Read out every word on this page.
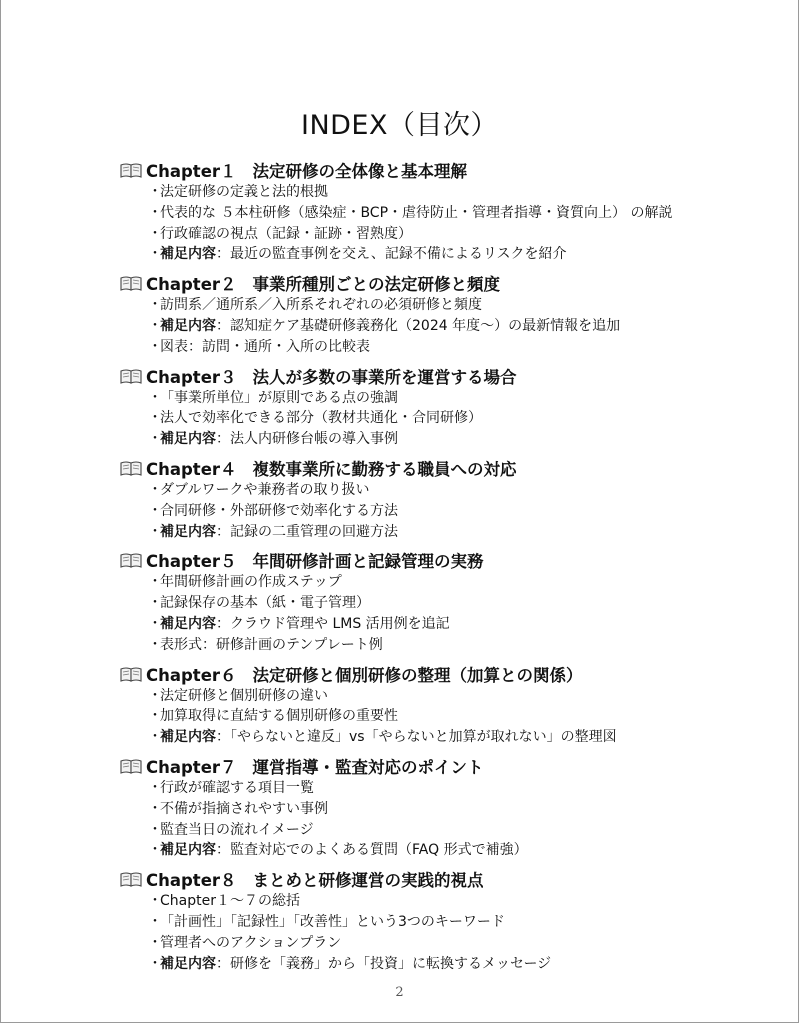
INDEX（目次）
Chapter１ 法定研修の全体像と基本理解
・法定研修の定義と法的根拠
・代表的な ５本柱研修（感染症・BCP・虐待防止・管理者指導・資質向上） の解説
・行政確認の視点（記録・証跡・習熟度）
・補足内容：最近の監査事例を交え、記録不備によるリスクを紹介
Chapter２ 事業所種別ごとの法定研修と頻度
・訪問系／通所系／入所系それぞれの必須研修と頻度
・補足内容：認知症ケア基礎研修義務化（2024 年度～）の最新情報を追加
・図表：訪問・通所・入所の比較表
Chapter３ 法人が多数の事業所を運営する場合
・「事業所単位」が原則である点の強調
・法人で効率化できる部分（教材共通化・合同研修）
・補足内容：法人内研修台帳の導入事例
Chapter４ 複数事業所に勤務する職員への対応
・ダブルワークや兼務者の取り扱い
・合同研修・外部研修で効率化する方法
・補足内容：記録の二重管理の回避方法
Chapter５ 年間研修計画と記録管理の実務
・年間研修計画の作成ステップ
・記録保存の基本（紙・電子管理）
・補足内容：クラウド管理や LMS 活用例を追記
・表形式：研修計画のテンプレート例
Chapter６ 法定研修と個別研修の整理（加算との関係）
・法定研修と個別研修の違い
・加算取得に直結する個別研修の重要性
・補足内容：「やらないと違反」vs「やらないと加算が取れない」の整理図
Chapter７ 運営指導・監査対応のポイント
・行政が確認する項目一覧
・不備が指摘されやすい事例
・監査当日の流れイメージ
・補足内容：監査対応でのよくある質問（FAQ 形式で補強）
Chapter８ まとめと研修運営の実践的視点
・Chapter１～７の総括
・「計画性」「記録性」「改善性」という3つのキーワード
・管理者へのアクションプラン
・補足内容：研修を「義務」から「投資」に転換するメッセージ
2
